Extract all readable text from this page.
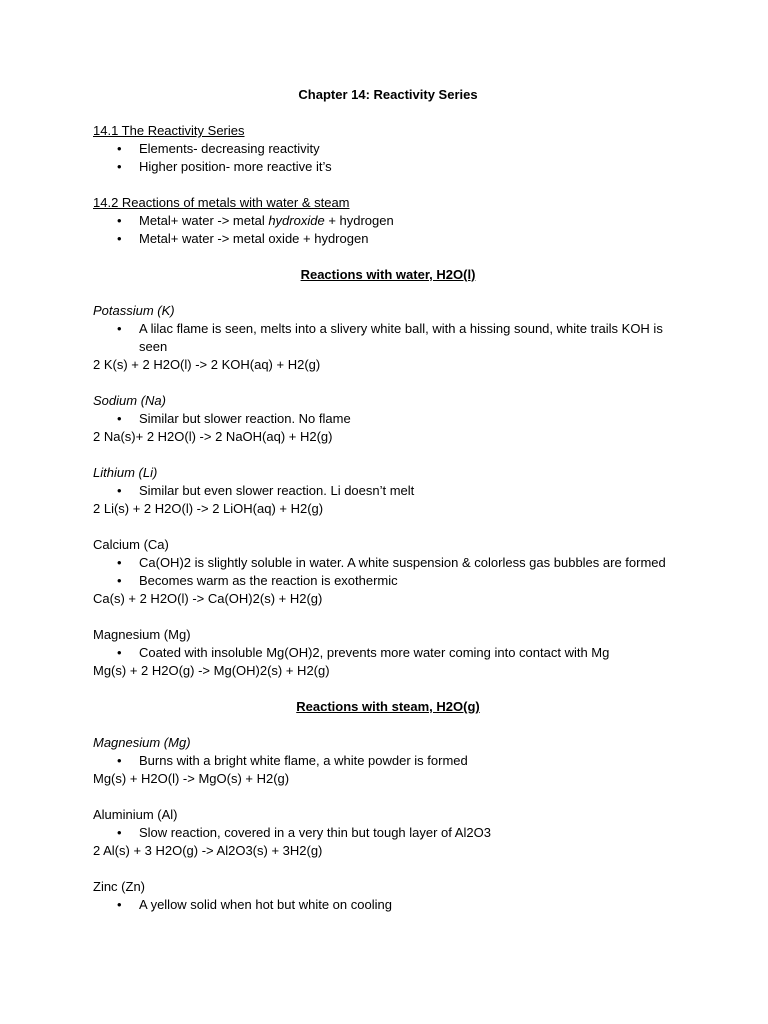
Chapter 14: Reactivity Series
14.1 The Reactivity Series
• Elements- decreasing reactivity
• Higher position- more reactive it’s
14.2 Reactions of metals with water & steam
• Metal+ water -> metal hydroxide + hydrogen
• Metal+ water -> metal oxide + hydrogen
Reactions with water, H2O(l)
Potassium (K)
• A lilac flame is seen, melts into a slivery white ball, with a hissing sound, white trails KOH is seen
2 K(s) + 2 H2O(l) -> 2 KOH(aq) + H2(g)
Sodium (Na)
• Similar but slower reaction. No flame
2 Na(s)+ 2 H2O(l) -> 2 NaOH(aq) + H2(g)
Lithium (Li)
• Similar but even slower reaction. Li doesn’t melt
2 Li(s) + 2 H2O(l) -> 2 LiOH(aq) + H2(g)
Calcium (Ca)
• Ca(OH)2 is slightly soluble in water. A white suspension & colorless gas bubbles are formed
• Becomes warm as the reaction is exothermic
Ca(s) + 2 H2O(l) -> Ca(OH)2(s) + H2(g)
Magnesium (Mg)
• Coated with insoluble Mg(OH)2, prevents more water coming into contact with Mg
Mg(s) + 2 H2O(g) -> Mg(OH)2(s) + H2(g)
Reactions with steam, H2O(g)
Magnesium (Mg)
• Burns with a bright white flame, a white powder is formed
Mg(s) + H2O(l) -> MgO(s) + H2(g)
Aluminium (Al)
• Slow reaction, covered in a very thin but tough layer of Al2O3
2 Al(s) + 3 H2O(g) -> Al2O3(s) + 3H2(g)
Zinc (Zn)
• A yellow solid when hot but white on cooling
